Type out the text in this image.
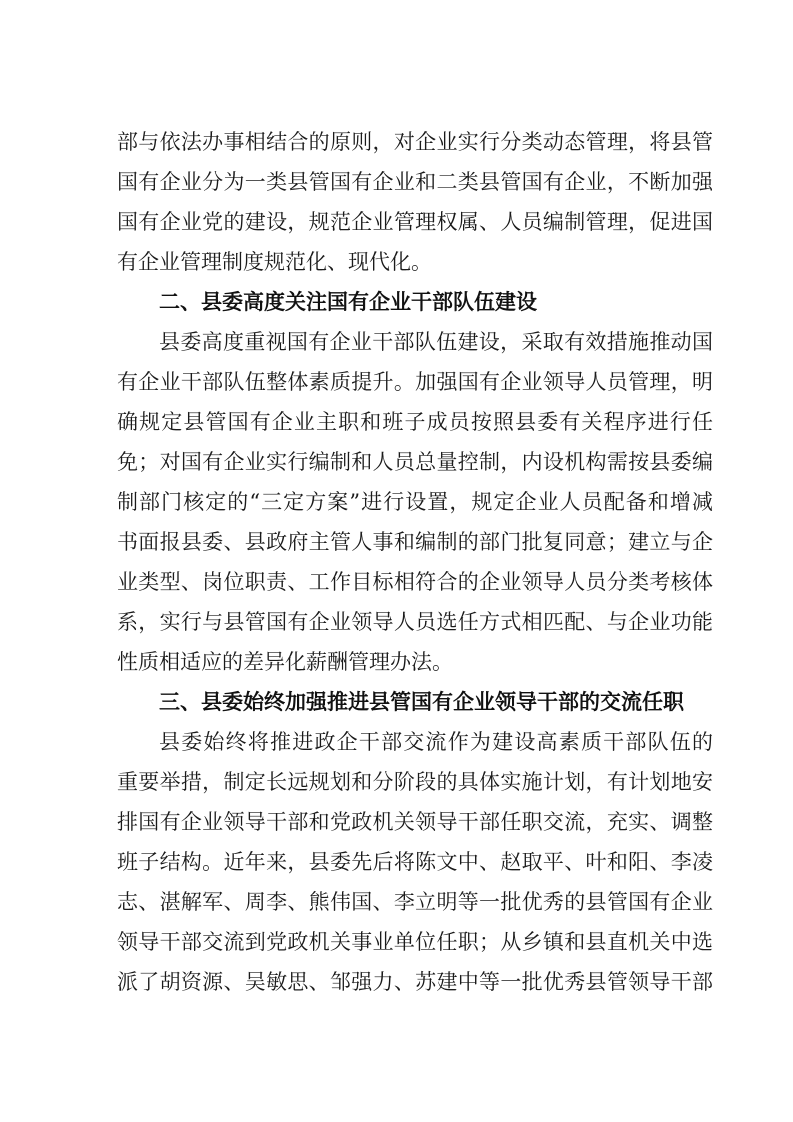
部与依法办事相结合的原则，对企业实行分类动态管理，将县管
国有企业分为一类县管国有企业和二类县管国有企业，不断加强
国有企业党的建设，规范企业管理权属、人员编制管理，促进国
有企业管理制度规范化、现代化。
二、县委高度关注国有企业干部队伍建设
县委高度重视国有企业干部队伍建设，采取有效措施推动国
有企业干部队伍整体素质提升。加强国有企业领导人员管理，明
确规定县管国有企业主职和班子成员按照县委有关程序进行任
免；对国有企业实行编制和人员总量控制，内设机构需按县委编
制部门核定的“三定方案”进行设置，规定企业人员配备和增减
书面报县委、县政府主管人事和编制的部门批复同意；建立与企
业类型、岗位职责、工作目标相符合的企业领导人员分类考核体
系，实行与县管国有企业领导人员选任方式相匹配、与企业功能
性质相适应的差异化薪酬管理办法。
三、县委始终加强推进县管国有企业领导干部的交流任职
县委始终将推进政企干部交流作为建设高素质干部队伍的
重要举措，制定长远规划和分阶段的具体实施计划，有计划地安
排国有企业领导干部和党政机关领导干部任职交流，充实、调整
班子结构。近年来，县委先后将陈文中、赵取平、叶和阳、李凌
志、湛解军、周李、熊伟国、李立明等一批优秀的县管国有企业
领导干部交流到党政机关事业单位任职；从乡镇和县直机关中选
派了胡资源、吴敏思、邹强力、苏建中等一批优秀县管领导干部
